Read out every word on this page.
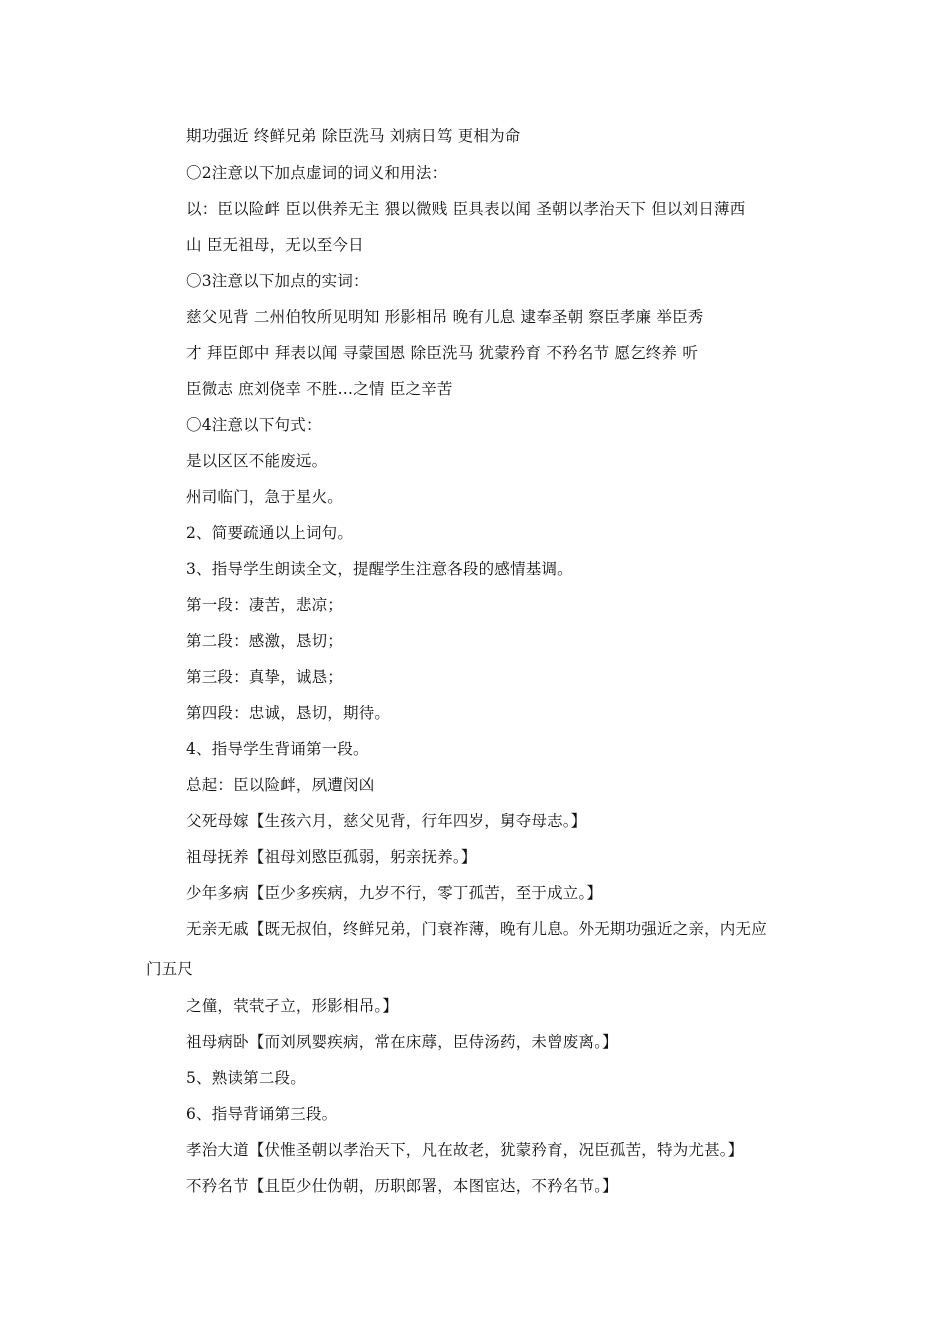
期功强近 终鲜兄弟 除臣洗马 刘病日笃 更相为命
〇2注意以下加点虚词的词义和用法：
以：臣以险衅 臣以供养无主 猥以微贱 臣具表以闻 圣朝以孝治天下 但以刘日薄西
山 臣无祖母，无以至今日
〇3注意以下加点的实词：
慈父见背 二州伯牧所见明知 形影相吊 晚有儿息 逮奉圣朝 察臣孝廉 举臣秀
才 拜臣郎中 拜表以闻 寻蒙国恩 除臣洗马 犹蒙矜育 不矜名节 愿乞终养 听
臣微志 庶刘侥幸 不胜…之情 臣之辛苦
〇4注意以下句式：
是以区区不能废远。
州司临门，急于星火。
2、简要疏通以上词句。
3、指导学生朗读全文，提醒学生注意各段的感情基调。
第一段：凄苦，悲凉；
第二段：感激，恳切；
第三段：真挚，诚恳；
第四段：忠诚，恳切，期待。
4、指导学生背诵第一段。
总起：臣以险衅，夙遭闵凶
父死母嫁【生孩六月，慈父见背，行年四岁，舅夺母志。】
祖母抚养【祖母刘愍臣孤弱，躬亲抚养。】
少年多病【臣少多疾病，九岁不行，零丁孤苦，至于成立。】
无亲无戚【既无叔伯，终鲜兄弟，门衰祚薄，晚有儿息。外无期功强近之亲，内无应
门五尺
之僮，茕茕孑立，形影相吊。】
祖母病卧【而刘夙婴疾病，常在床蓐，臣侍汤药，未曾废离。】
5、熟读第二段。
6、指导背诵第三段。
孝治大道【伏惟圣朝以孝治天下，凡在故老，犹蒙矜育，况臣孤苦，特为尤甚。】
不矜名节【且臣少仕伪朝，历职郎署，本图宦达，不矜名节。】
